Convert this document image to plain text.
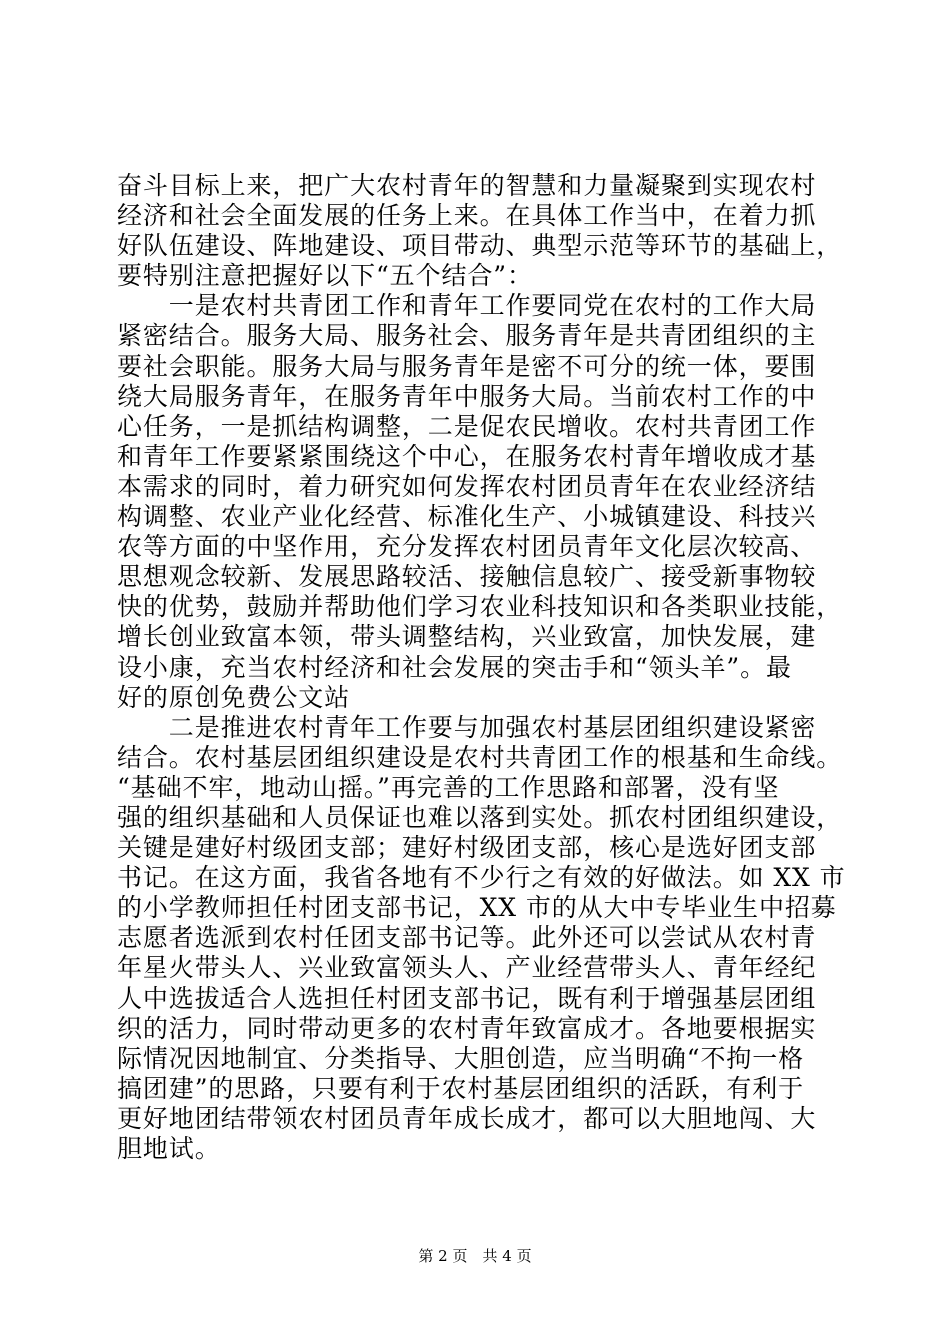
奋斗目标上来，把广大农村青年的智慧和力量凝聚到实现农村
经济和社会全面发展的任务上来。在具体工作当中，在着力抓
好队伍建设、阵地建设、项目带动、典型示范等环节的基础上，
要特别注意把握好以下“五个结合”：
　　一是农村共青团工作和青年工作要同党在农村的工作大局
紧密结合。服务大局、服务社会、服务青年是共青团组织的主
要社会职能。服务大局与服务青年是密不可分的统一体，要围
绕大局服务青年，在服务青年中服务大局。当前农村工作的中
心任务，一是抓结构调整，二是促农民增收。农村共青团工作
和青年工作要紧紧围绕这个中心，在服务农村青年增收成才基
本需求的同时，着力研究如何发挥农村团员青年在农业经济结
构调整、农业产业化经营、标准化生产、小城镇建设、科技兴
农等方面的中坚作用，充分发挥农村团员青年文化层次较高、
思想观念较新、发展思路较活、接触信息较广、接受新事物较
快的优势，鼓励并帮助他们学习农业科技知识和各类职业技能，
增长创业致富本领，带头调整结构，兴业致富，加快发展，建
设小康，充当农村经济和社会发展的突击手和“领头羊”。最
好的原创免费公文站
　　二是推进农村青年工作要与加强农村基层团组织建设紧密
结合。农村基层团组织建设是农村共青团工作的根基和生命线。
“基础不牢，地动山摇。”再完善的工作思路和部署，没有坚
强的组织基础和人员保证也难以落到实处。抓农村团组织建设，
关键是建好村级团支部；建好村级团支部，核心是选好团支部
书记。在这方面，我省各地有不少行之有效的好做法。如 XX 市
的小学教师担任村团支部书记，XX 市的从大中专毕业生中招募
志愿者选派到农村任团支部书记等。此外还可以尝试从农村青
年星火带头人、兴业致富领头人、产业经营带头人、青年经纪
人中选拔适合人选担任村团支部书记，既有利于增强基层团组
织的活力，同时带动更多的农村青年致富成才。各地要根据实
际情况因地制宜、分类指导、大胆创造，应当明确“不拘一格
搞团建”的思路，只要有利于农村基层团组织的活跃，有利于
更好地团结带领农村团员青年成长成才，都可以大胆地闯、大
胆地试。
第 2 页　共 4 页
